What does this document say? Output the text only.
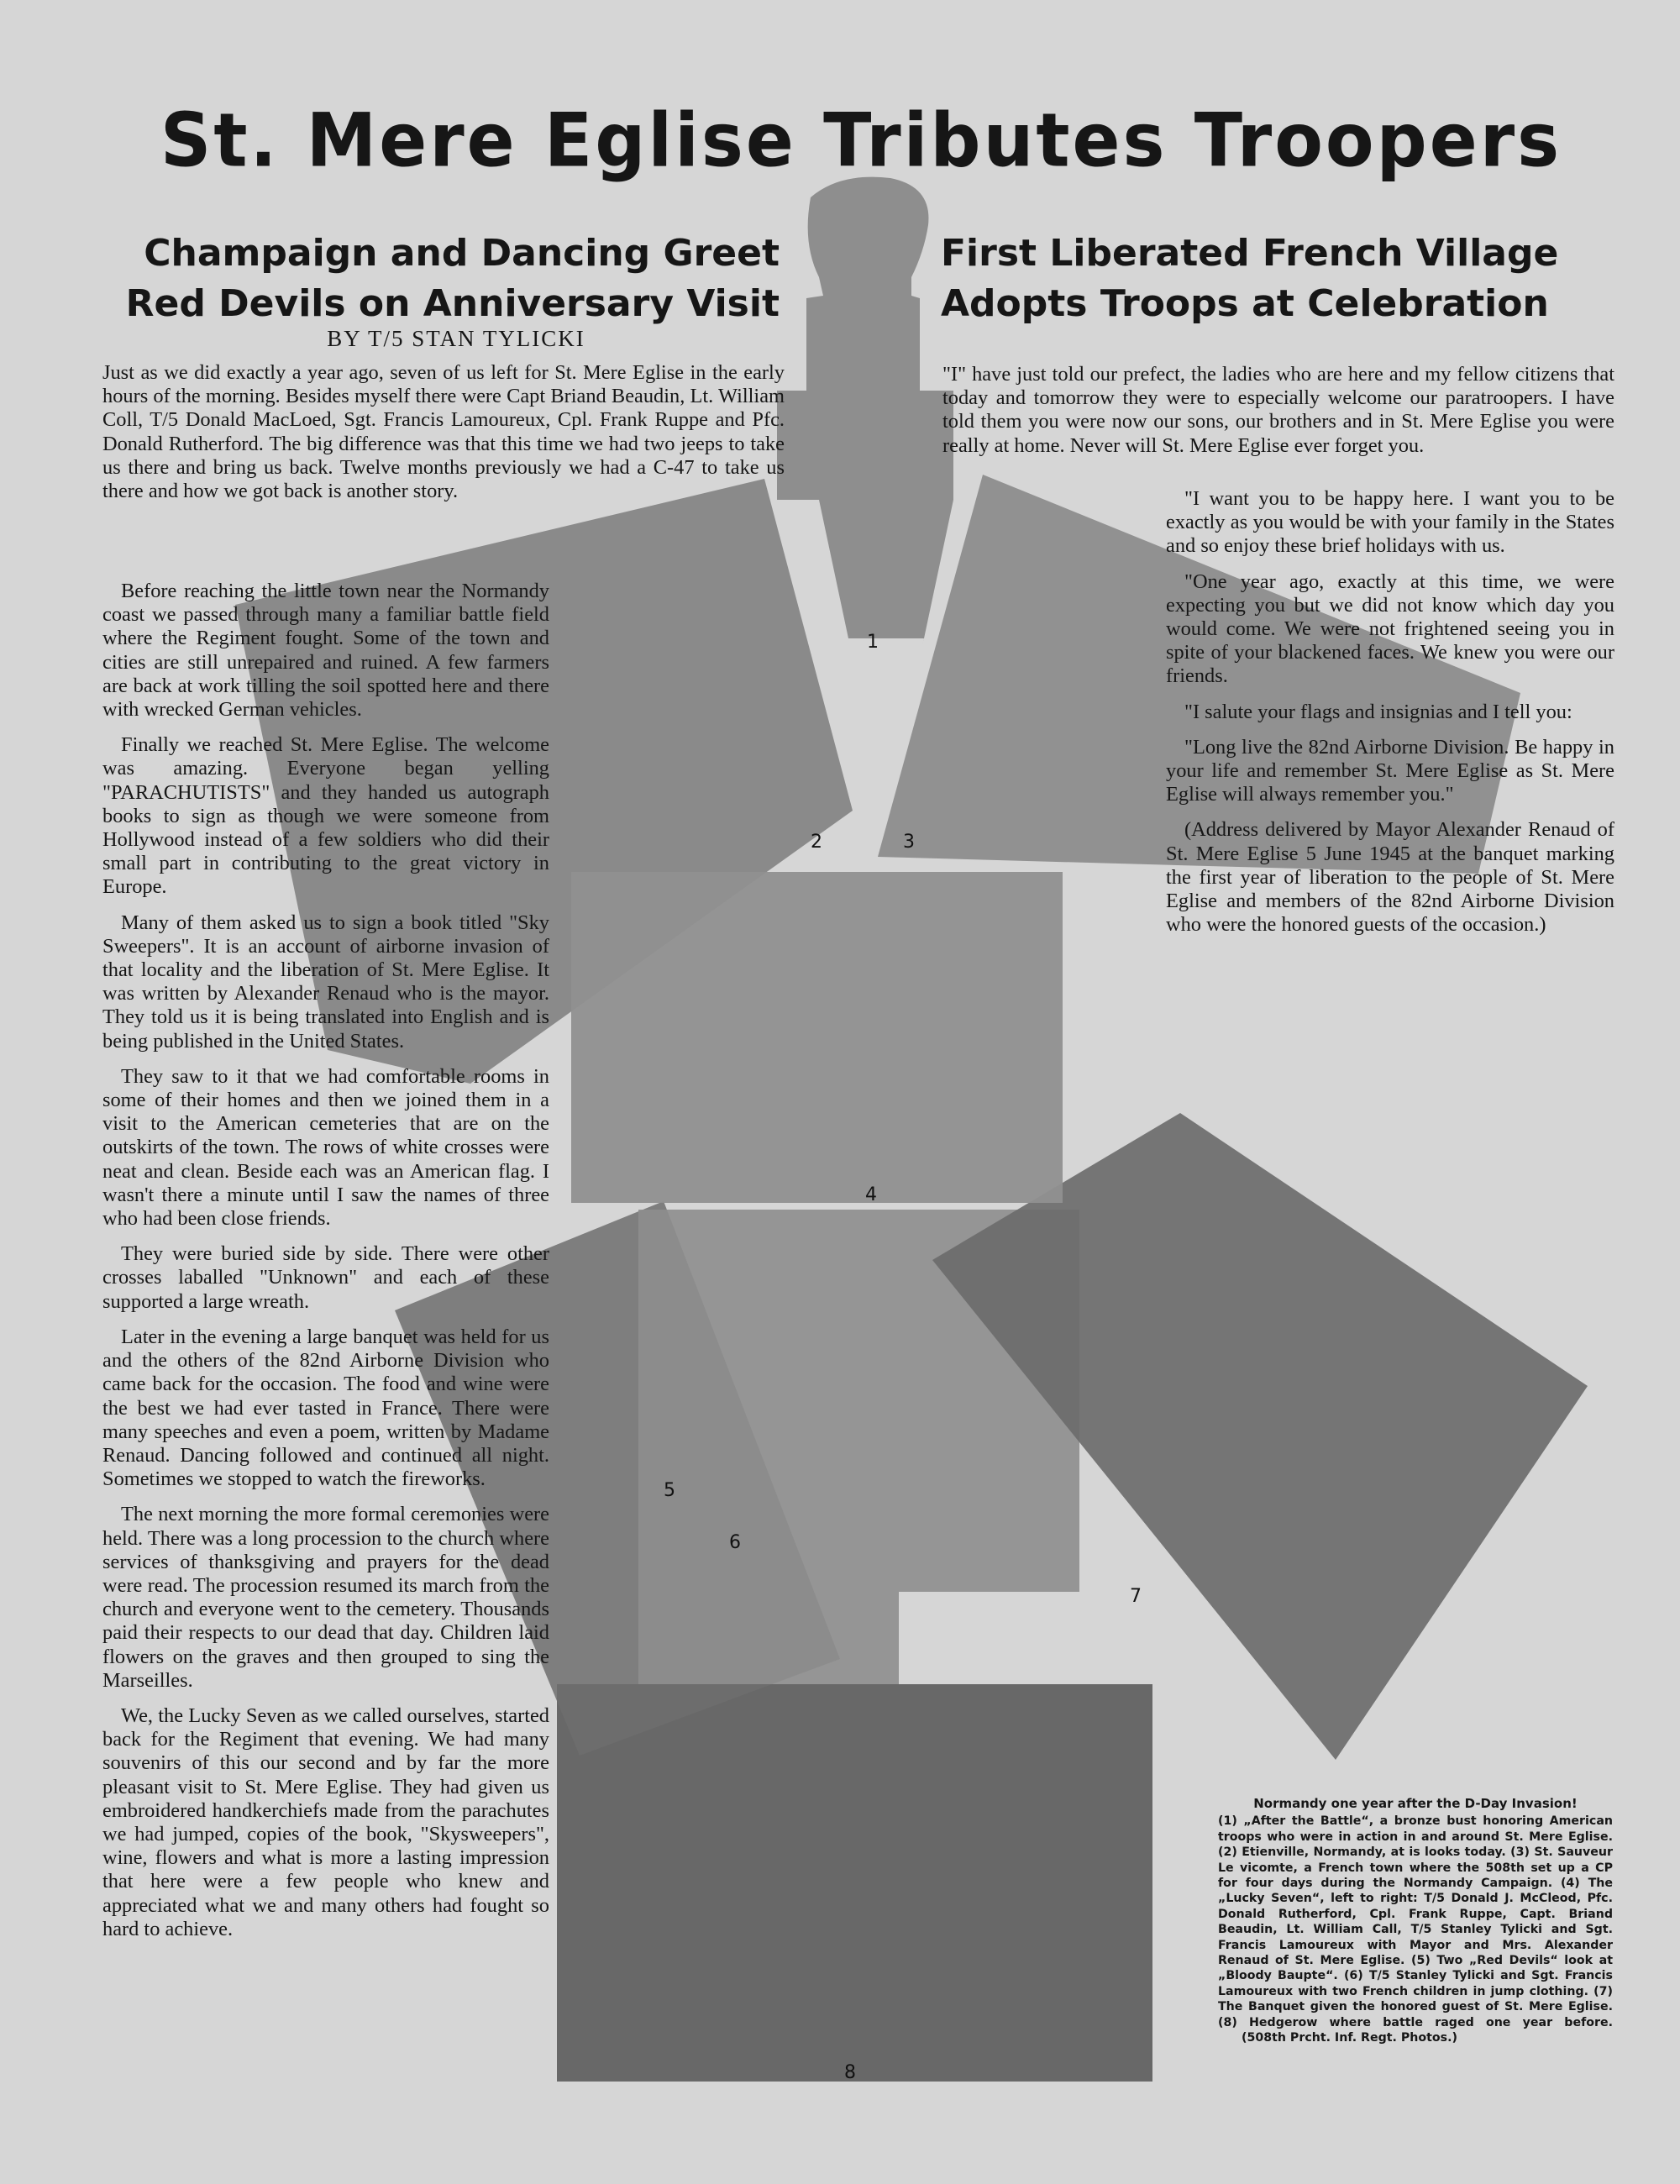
1
2	3
4
5
6
7
8
St. Mere Eglise Tributes Troopers
Champaign and Dancing Greet
Red Devils on Anniversary Visit
BY T/5 STAN TYLICKI

Just as we did exactly a year ago, seven of us left for St. Mere Eglise in the early hours of the morning. Besides myself there were Capt Briand Beaudin, Lt. William Coll, T/5 Donald MacLoed, Sgt. Francis Lamoureux, Cpl. Frank Ruppe and Pfc. Donald Rutherford. The big difference was that this time we had two jeeps to take us there and bring us back. Twelve months previously we had a C-47 to take us there and how we got back is another story.

Before reaching the little town near the Normandy coast we passed through many a familiar battle field where the Regiment fought. Some of the town and cities are still unrepaired and ruined. A few farmers are back at work tilling the soil spotted here and there with wrecked German vehicles.

Finally we reached St. Mere Eglise. The welcome was amazing. Everyone began yelling "PARACHUTISTS" and they handed us autograph books to sign as though we were someone from Hollywood instead of a few soldiers who did their small part in contributing to the great victory in Europe.

Many of them asked us to sign a book titled "Sky Sweepers". It is an account of airborne invasion of that locality and the liberation of St. Mere Eglise. It was written by Alexander Renaud who is the mayor. They told us it is being translated into English and is being published in the United States.

They saw to it that we had comfortable rooms in some of their homes and then we joined them in a visit to the American cemeteries that are on the outskirts of the town. The rows of white crosses were neat and clean. Beside each was an American flag. I wasn't there a minute until I saw the names of three who had been close friends.

They were buried side by side. There were other crosses laballed "Unknown" and each of these supported a large wreath.

Later in the evening a large banquet was held for us and the others of the 82nd Airborne Division who came back for the occasion. The food and wine were the best we had ever tasted in France. There were many speeches and even a poem, written by Madame Renaud. Dancing followed and continued all night. Sometimes we stopped to watch the fireworks.

The next morning the more formal ceremonies were held. There was a long procession to the church where services of thanksgiving and prayers for the dead were read. The procession resumed its march from the church and everyone went to the cemetery. Thousands paid their respects to our dead that day. Children laid flowers on the graves and then grouped to sing the Marseilles.

We, the Lucky Seven as we called ourselves, started back for the Regiment that evening. We had many souvenirs of this our second and by far the more pleasant visit to St. Mere Eglise. They had given us embroidered handkerchiefs made from the parachutes we had jumped, copies of the book, "Skysweepers", wine, flowers and what is more a lasting impression that here were a few people who knew and appreciated what we and many others had fought so hard to achieve.

First Liberated French Village
Adopts Troops at Celebration

"I" have just told our prefect, the ladies who are here and my fellow citizens that today and tomorrow they were to especially welcome our paratroopers. I have told them you were now our sons, our brothers and in St. Mere Eglise you were really at home. Never will St. Mere Eglise ever forget you.

"I want you to be happy here. I want you to be exactly as you would be with your family in the States and so enjoy these brief holidays with us.

"One year ago, exactly at this time, we were expecting you but we did not know which day you would come. We were not frightened seeing you in spite of your blackened faces. We knew you were our friends.

"I salute your flags and insignias and I tell you:

"Long live the 82nd Airborne Division. Be happy in your life and remember St. Mere Eglise as St. Mere Eglise will always remember you."

(Address delivered by Mayor Alexander Renaud of St. Mere Eglise 5 June 1945 at the banquet marking the first year of liberation to the people of St. Mere Eglise and members of the 82nd Airborne Division who were the honored guests of the occasion.)

Normandy one year after the D-Day Invasion!
(1) „After the Battle“, a bronze bust honoring American troops who were in action in and around St. Mere Eglise. (2) Etienville, Normandy, at is looks today. (3) St. Sauveur Le vicomte, a French town where the 508th set up a CP for four days during the Normandy Campaign. (4) The „Lucky Seven“, left to right: T/5 Donald J. McCleod, Pfc. Donald Rutherford, Cpl. Frank Ruppe, Capt. Briand Beaudin, Lt. William Call, T/5 Stanley Tylicki and Sgt. Francis Lamoureux with Mayor and Mrs. Alexander Renaud of St. Mere Eglise. (5) Two „Red Devils“ look at „Bloody Baupte“. (6) T/5 Stanley Tylicki and Sgt. Francis Lamoureux with two French children in jump clothing. (7) The Banquet given the honored guest of St. Mere Eglise. (8) Hedgerow where battle raged one year before. (508th Prcht. Inf. Regt. Photos.)
